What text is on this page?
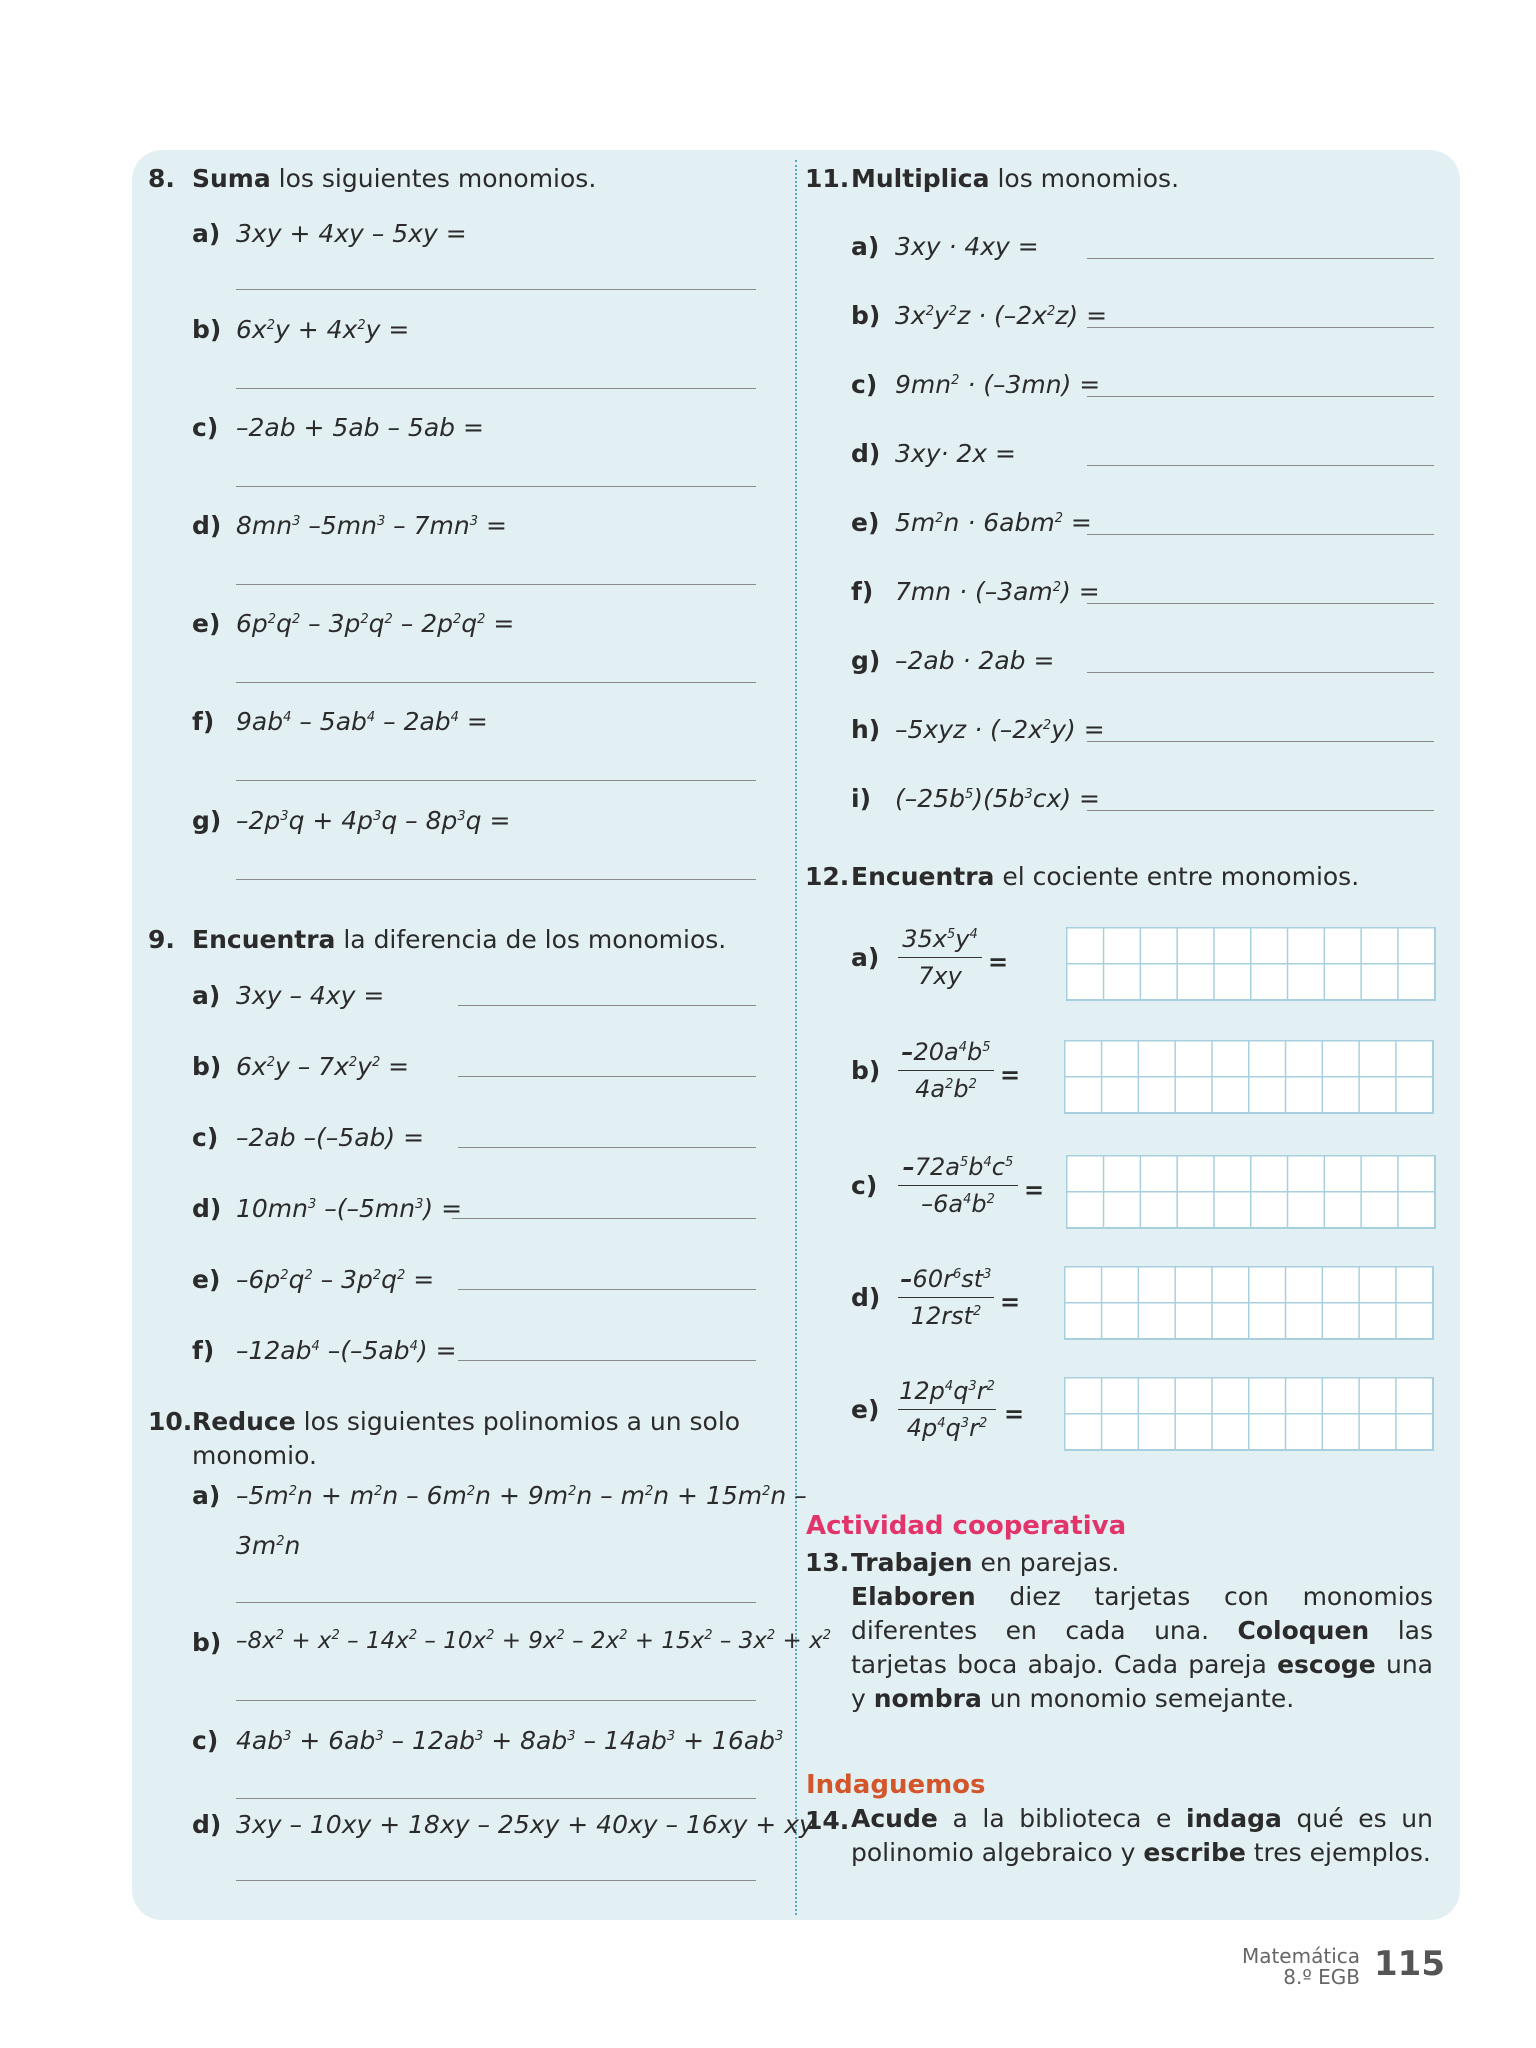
8. Suma los siguientes monomios.
a) 3xy + 4xy – 5xy =
b) $6x^2y + 4x^2y$ =
c) –2ab + 5ab – 5ab =
d) $8mn^3$ $-5mn^3 - 7mn^3$ =
e) $6p^2q^2 - 3p^2q^2 - 2p^2q^2$ =
f) $9ab^4 - 5ab^4 - 2ab^4$ =
g) $-2p^3q + 4p^3q - 8p^3q$ =
9. Encuentra la diferencia de los monomios.
a) 3xy – 4xy =
b) $6x^2y - 7x^2y^2$ =
c) –2ab –(–5ab) =
d) $10mn^3$ $-(-5mn^3)$ =
e) $-6p^2q^2 - 3p^2q^2$ =
f) $-12ab^4$ $-(-5ab^4)$ =
10. Reduce los siguientes polinomios a un solo
monomio.
a) $-5m^2n + m^2n - 6m^2n + 9m^2n - m^2n + 15m^2n$ –
$3m^2n$
b) $-8x^2 + x^2 - 14x^2 - 10x^2 + 9x^2 - 2x^2 + 15x^2 - 3x^2 + x^2$
c) $4ab^3 + 6ab^3 - 12ab^3 + 8ab^3 - 14ab^3 + 16ab^3$
d) 3xy – 10xy + 18xy – 25xy + 40xy – 16xy + xy
11. Multiplica los monomios.
a) 3xy · 4xy =
b) $3x^2y^2z \cdot (-2x^2z)$ =
c) $9mn^2 \cdot (-3mn)$ =
d) 3xy· 2x =
e) $5m^2n \cdot 6abm^2$ =
f) $7mn \cdot (-3am^2)$ =
g) –2ab · 2ab =
h) $-5xyz \cdot (-2x^2y)$ =
i) $(-25b^5)(5b^3cx)$ =
12. Encuentra el cociente entre monomios.
a)
$35x^5y^4$
7xy	=
b)
$-20a^4b^5$
$4a^2b^2$ =
c)
$-72a^5b^4c^5$
$-6a^4b^2$	=
d)
$-60r^6st^3$
12rst$^2$ =
e)
$12p^4q^3r^2$
$4p^4q^3r^2$ =
Actividad cooperativa
13. Trabajen en parejas.
Elaboren diez tarjetas con monomios diferentes en cada una. Coloquen las tarjetas boca abajo. Cada pareja escoge una y nombra un monomio semejante.
Indaguemos
14. Acude a la biblioteca e indaga qué es un polinomio algebraico y escribe tres ejemplos.
Matemática
8.º EGB 115
